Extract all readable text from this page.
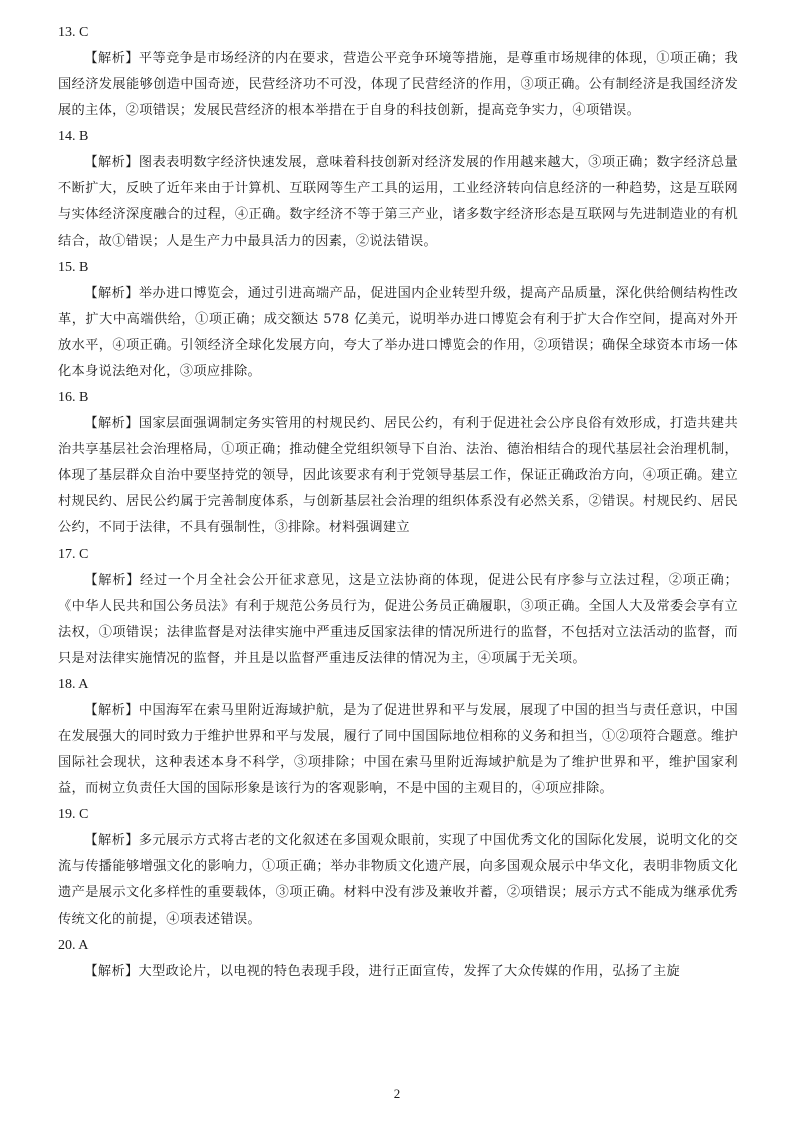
13. C

【解析】平等竞争是市场经济的内在要求，营造公平竞争环境等措施，是尊重市场规律的体现，①项正确；我国经济发展能够创造中国奇迹，民营经济功不可没，体现了民营经济的作用，③项正确。公有制经济是我国经济发展的主体，②项错误；发展民营经济的根本举措在于自身的科技创新，提高竞争实力，④项错误。

14. B

【解析】图表表明数字经济快速发展，意味着科技创新对经济发展的作用越来越大，③项正确；数字经济总量不断扩大，反映了近年来由于计算机、互联网等生产工具的运用，工业经济转向信息经济的一种趋势，这是互联网与实体经济深度融合的过程，④正确。数字经济不等于第三产业，诸多数字经济形态是互联网与先进制造业的有机结合，故①错误；人是生产力中最具活力的因素，②说法错误。

15. B

【解析】举办进口博览会，通过引进高端产品，促进国内企业转型升级，提高产品质量，深化供给侧结构性改革，扩大中高端供给，①项正确；成交额达 578 亿美元，说明举办进口博览会有利于扩大合作空间，提高对外开放水平，④项正确。引领经济全球化发展方向，夸大了举办进口博览会的作用，②项错误；确保全球资本市场一体化本身说法绝对化，③项应排除。

16. B

【解析】国家层面强调制定务实管用的村规民约、居民公约，有利于促进社会公序良俗有效形成，打造共建共治共享基层社会治理格局，①项正确；推动健全党组织领导下自治、法治、德治相结合的现代基层社会治理机制，体现了基层群众自治中要坚持党的领导，因此该要求有利于党领导基层工作，保证正确政治方向，④项正确。建立村规民约、居民公约属于完善制度体系，与创新基层社会治理的组织体系没有必然关系，②错误。村规民约、居民公约，不同于法律，不具有强制性，③排除。材料强调建立

17. C

【解析】经过一个月全社会公开征求意见，这是立法协商的体现，促进公民有序参与立法过程，②项正确；《中华人民共和国公务员法》有利于规范公务员行为，促进公务员正确履职，③项正确。全国人大及常委会享有立法权，①项错误；法律监督是对法律实施中严重违反国家法律的情况所进行的监督，不包括对立法活动的监督，而只是对法律实施情况的监督，并且是以监督严重违反法律的情况为主，④项属于无关项。

18. A

【解析】中国海军在索马里附近海域护航，是为了促进世界和平与发展，展现了中国的担当与责任意识，中国在发展强大的同时致力于维护世界和平与发展，履行了同中国国际地位相称的义务和担当，①②项符合题意。维护国际社会现状，这种表述本身不科学，③项排除；中国在索马里附近海域护航是为了维护世界和平，维护国家利益，而树立负责任大国的国际形象是该行为的客观影响，不是中国的主观目的，④项应排除。

19. C

【解析】多元展示方式将古老的文化叙述在多国观众眼前，实现了中国优秀文化的国际化发展，说明文化的交流与传播能够增强文化的影响力，①项正确；举办非物质文化遗产展，向多国观众展示中华文化，表明非物质文化遗产是展示文化多样性的重要载体，③项正确。材料中没有涉及兼收并蓄，②项错误；展示方式不能成为继承优秀传统文化的前提，④项表述错误。

20. A

【解析】大型政论片，以电视的特色表现手段，进行正面宣传，发挥了大众传媒的作用，弘扬了主旋

2
